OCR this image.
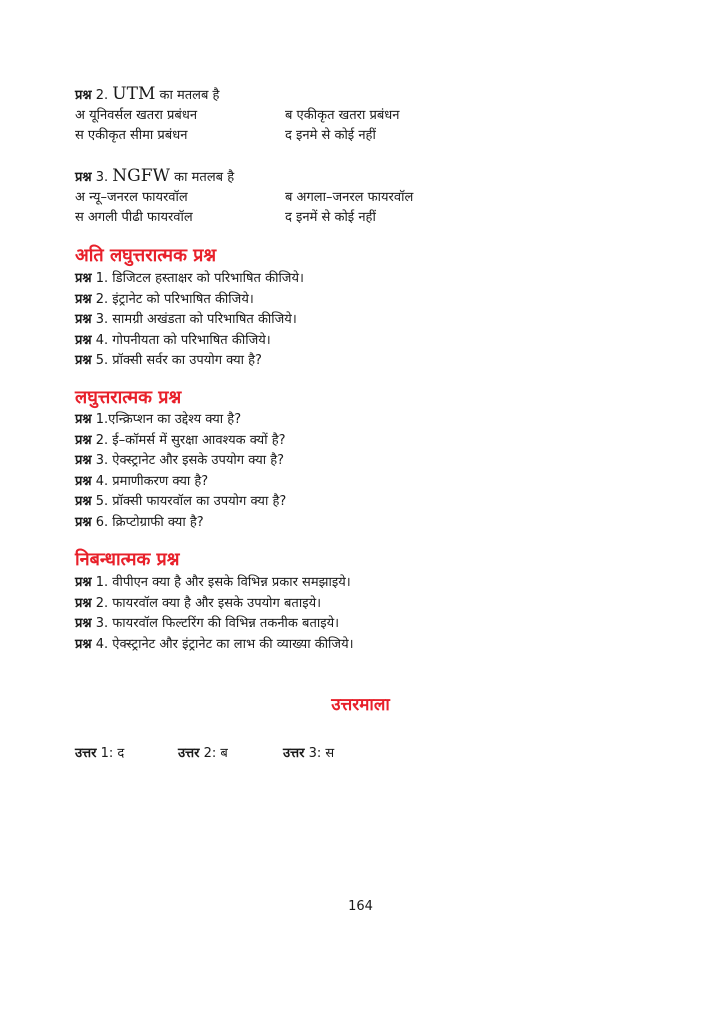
प्रश्न 2. UTM का मतलब है
अ यूनिवर्सल खतरा प्रबंधन	ब एकीकृत खतरा प्रबंधन
स एकीकृत सीमा प्रबंधन	द इनमे से कोई नहीं
प्रश्न 3. NGFW का मतलब है
अ न्यू–जनरल फायरवॉल	ब अगला–जनरल फायरवॉल
स अगली पीढी फायरवॉल	द इनमें से कोई नहीं
अति लघुत्तरात्मक प्रश्न
प्रश्न 1. डिजिटल हस्ताक्षर को परिभाषित कीजिये।
प्रश्न 2. इंट्रानेट को परिभाषित कीजिये।
प्रश्न 3. सामग्री अखंडता को परिभाषित कीजिये।
प्रश्न 4. गोपनीयता को परिभाषित कीजिये।
प्रश्न 5. प्रॉक्सी सर्वर का उपयोग क्या है?
लघुत्तरात्मक प्रश्न
प्रश्न 1.एन्क्रिप्शन का उद्देश्य क्या है?
प्रश्न 2. ई–कॉमर्स में सुरक्षा आवश्यक क्यों है?
प्रश्न 3. ऐक्स्ट्रानेट और इसके उपयोग क्या है?
प्रश्न 4. प्रमाणीकरण क्या है?
प्रश्न 5. प्रॉक्सी फायरवॉल का उपयोग क्या है?
प्रश्न 6. क्रिप्टोग्राफी क्या है?
निबन्धात्मक प्रश्न
प्रश्न 1. वीपीएन क्या है और इसके विभिन्न प्रकार समझाइये।
प्रश्न 2. फायरवॉल क्या है और इसके उपयोग बताइये।
प्रश्न 3. फायरवॉल फिल्टरिंग की विभिन्न तकनीक बताइये।
प्रश्न 4. ऐक्स्ट्रानेट और इंट्रानेट का लाभ की व्याख्या कीजिये।
उत्तरमाला
उत्तर 1: द	उत्तर 2: ब	उत्तर 3: स
164
